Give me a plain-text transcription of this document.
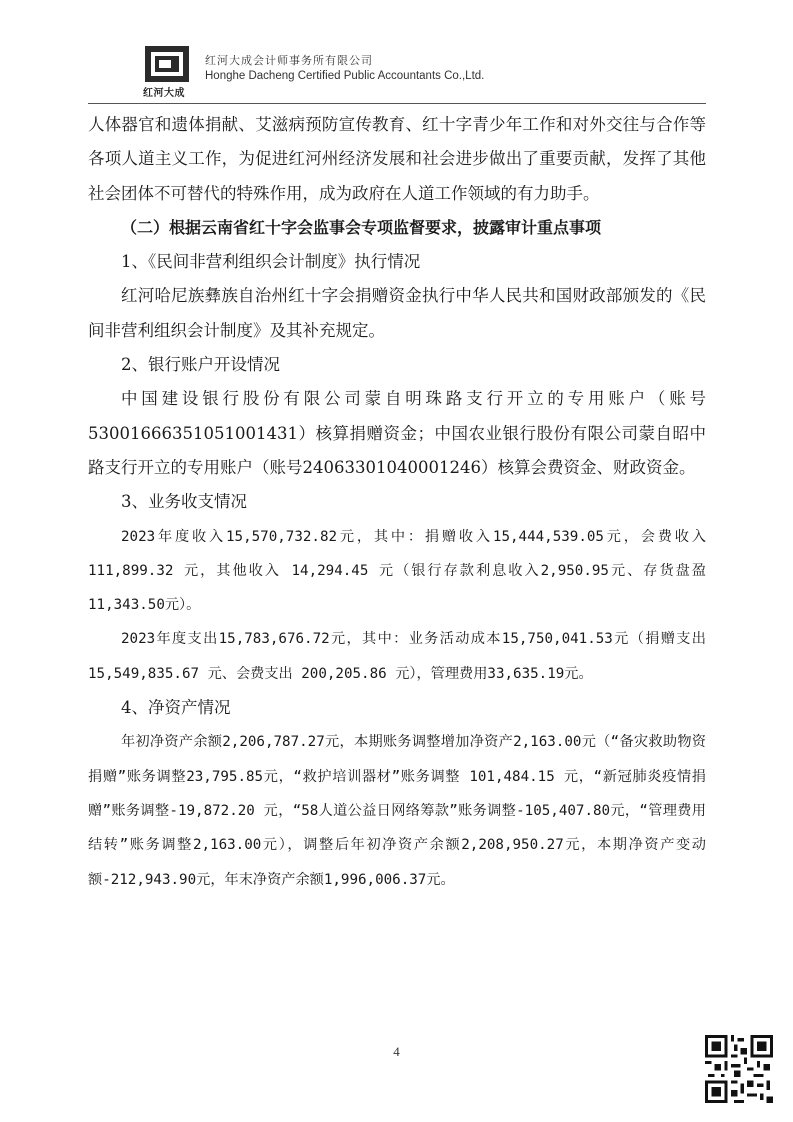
红河大成
红河大成会计师事务所有限公司
Honghe Dacheng Certified Public Accountants Co.,Ltd.

人体器官和遗体捐献、艾滋病预防宣传教育、红十字青少年工作和对外交往与合作等各项人道主义工作，为促进红河州经济发展和社会进步做出了重要贡献，发挥了其他社会团体不可替代的特殊作用，成为政府在人道工作领域的有力助手。

（二）根据云南省红十字会监事会专项监督要求，披露审计重点事项

1、《民间非营利组织会计制度》执行情况

红河哈尼族彝族自治州红十字会捐赠资金执行中华人民共和国财政部颁发的《民间非营利组织会计制度》及其补充规定。

2、银行账户开设情况

中国建设银行股份有限公司蒙自明珠路支行开立的专用账户（账号53001666351051001431）核算捐赠资金；中国农业银行股份有限公司蒙自昭中路支行开立的专用账户（账号24063301040001246）核算会费资金、财政资金。

3、业务收支情况

2023年度收入15,570,732.82元，其中：捐赠收入15,444,539.05元，会费收入 111,899.32 元，其他收入 14,294.45 元（银行存款利息收入2,950.95元、存货盘盈11,343.50元）。

2023年度支出15,783,676.72元，其中：业务活动成本15,750,041.53元（捐赠支出 15,549,835.67 元、会费支出 200,205.86 元），管理费用33,635.19元。

4、净资产情况

年初净资产余额2,206,787.27元，本期账务调整增加净资产2,163.00元（“备灾救助物资捐赠”账务调整23,795.85元，“救护培训器材”账务调整 101,484.15 元，“新冠肺炎疫情捐赠”账务调整-19,872.20 元，“58人道公益日网络筹款”账务调整-105,407.80元，“管理费用结转”账务调整2,163.00元），调整后年初净资产余额2,208,950.27元，本期净资产变动额-212,943.90元，年末净资产余额1,996,006.37元。

4
